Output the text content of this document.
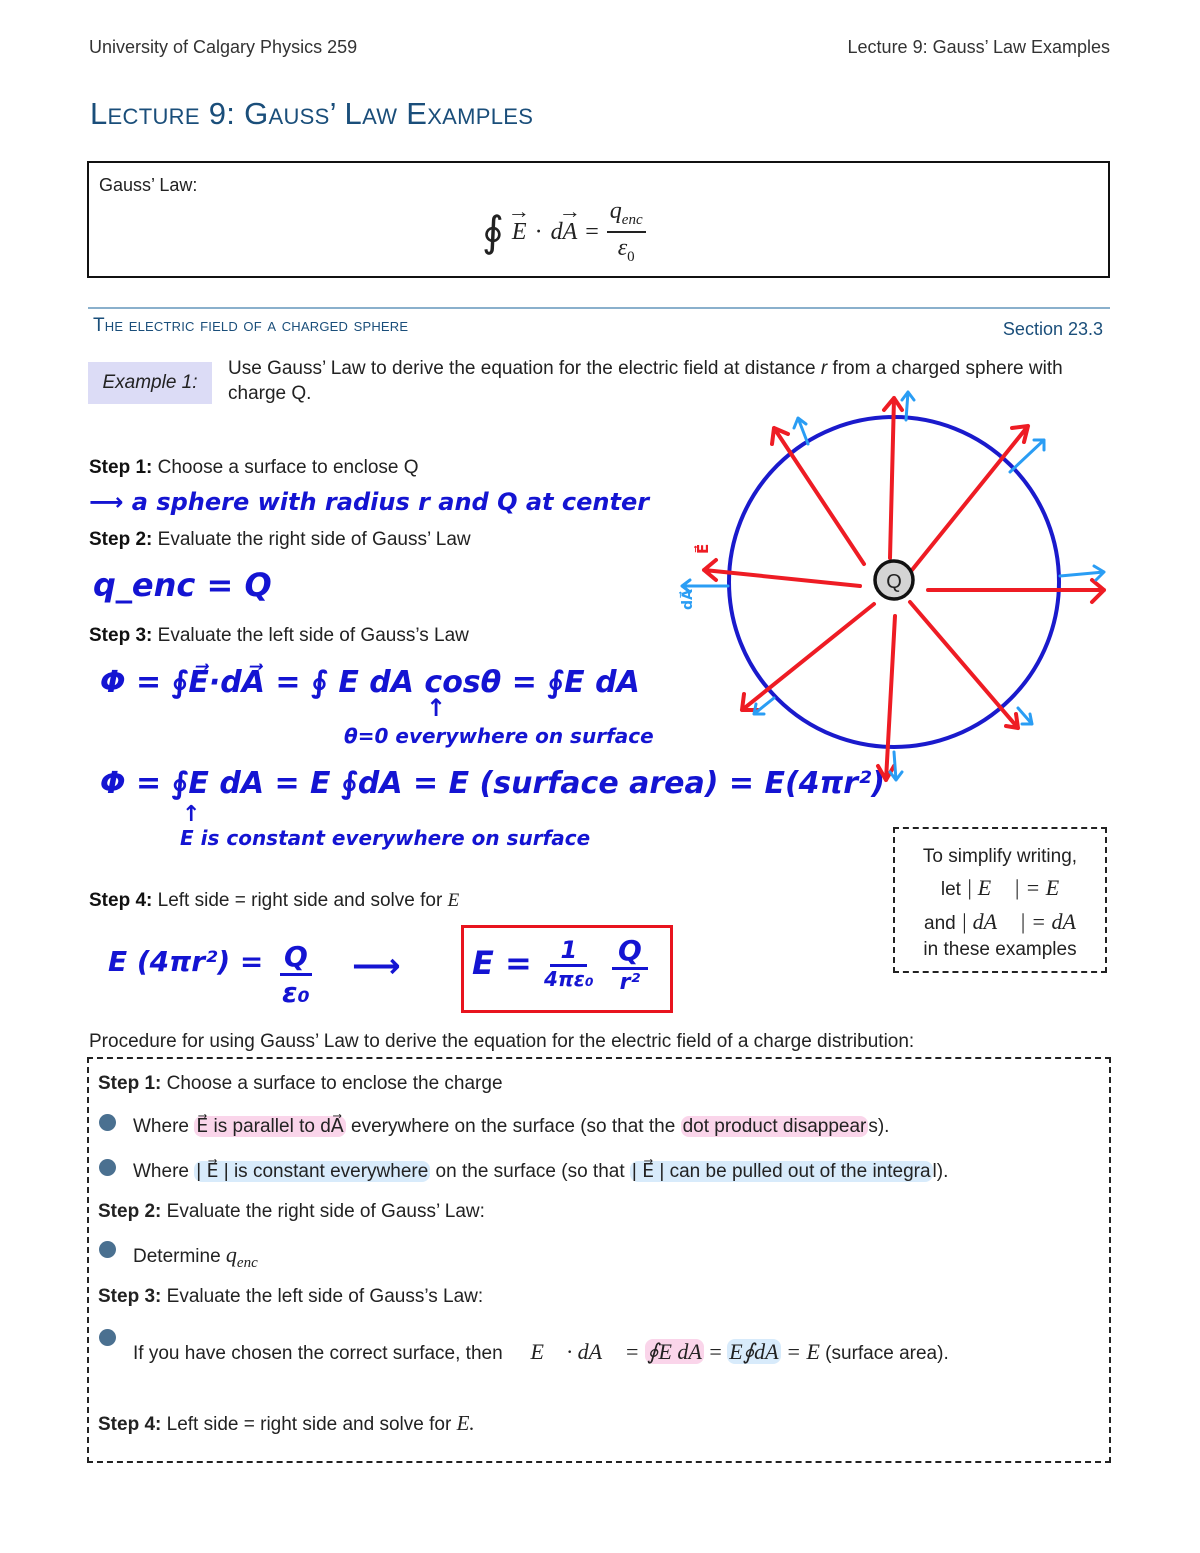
University of Calgary Physics 259	Lecture 9: Gauss’ Law Examples
Lecture 9: Gauss’ Law Examples
Gauss’ Law:
∮ → E · d → A =
$q_{enc}$
$\varepsilon_0$
The electric field of a charged sphere	Section 23.3
Example 1:
Use Gauss’ Law to derive the equation for the electric field at distance r from a charged sphere with charge Q.
Step 1: Choose a surface to enclose Q
⟶ a sphere with radius r and Q at center
Step 2: Evaluate the right side of Gauss’ Law
q_enc = Q
Step 3: Evaluate the left side of Gauss’s Law
Φ = ∮E⃗·dA⃗ = ∮ E dA cosθ = ∮E dA
↑
θ=0 everywhere on surface
Φ = ∮E dA = E ∮dA = E (surface area) = E(4πr²)
↑
E is constant everywhere on surface
Step 4: Left side = right side and solve for E
E $(4\pi r^2) = \frac{Q}{\text{ε₀}}$ ⟶ E =	1
4πε₀
Q
r²
Q
E⃗
dA⃗
To simplify writing,
let | E⃗ | = E
and | dA⃗ | = dA
in these examples
Procedure for using Gauss’ Law to derive the equation for the electric field of a charge distribution:
Step 1: Choose a surface to enclose the charge
Where E⃗ is parallel to dA⃗ everywhere on the surface (so that the dot product disappear s).
Where | E⃗ | is constant everywhere on the surface (so that | E⃗ | can be pulled out of the integra l).
Step 2: Evaluate the right side of Gauss’ Law:
Determine $q_{enc}$
Step 3: Evaluate the left side of Gauss’s Law:
If you have chosen the correct surface, then ∮ E⃗ · dA⃗ = ∮E dA = E∮dA = E (surface area).
Step 4: Left side = right side and solve for E.
